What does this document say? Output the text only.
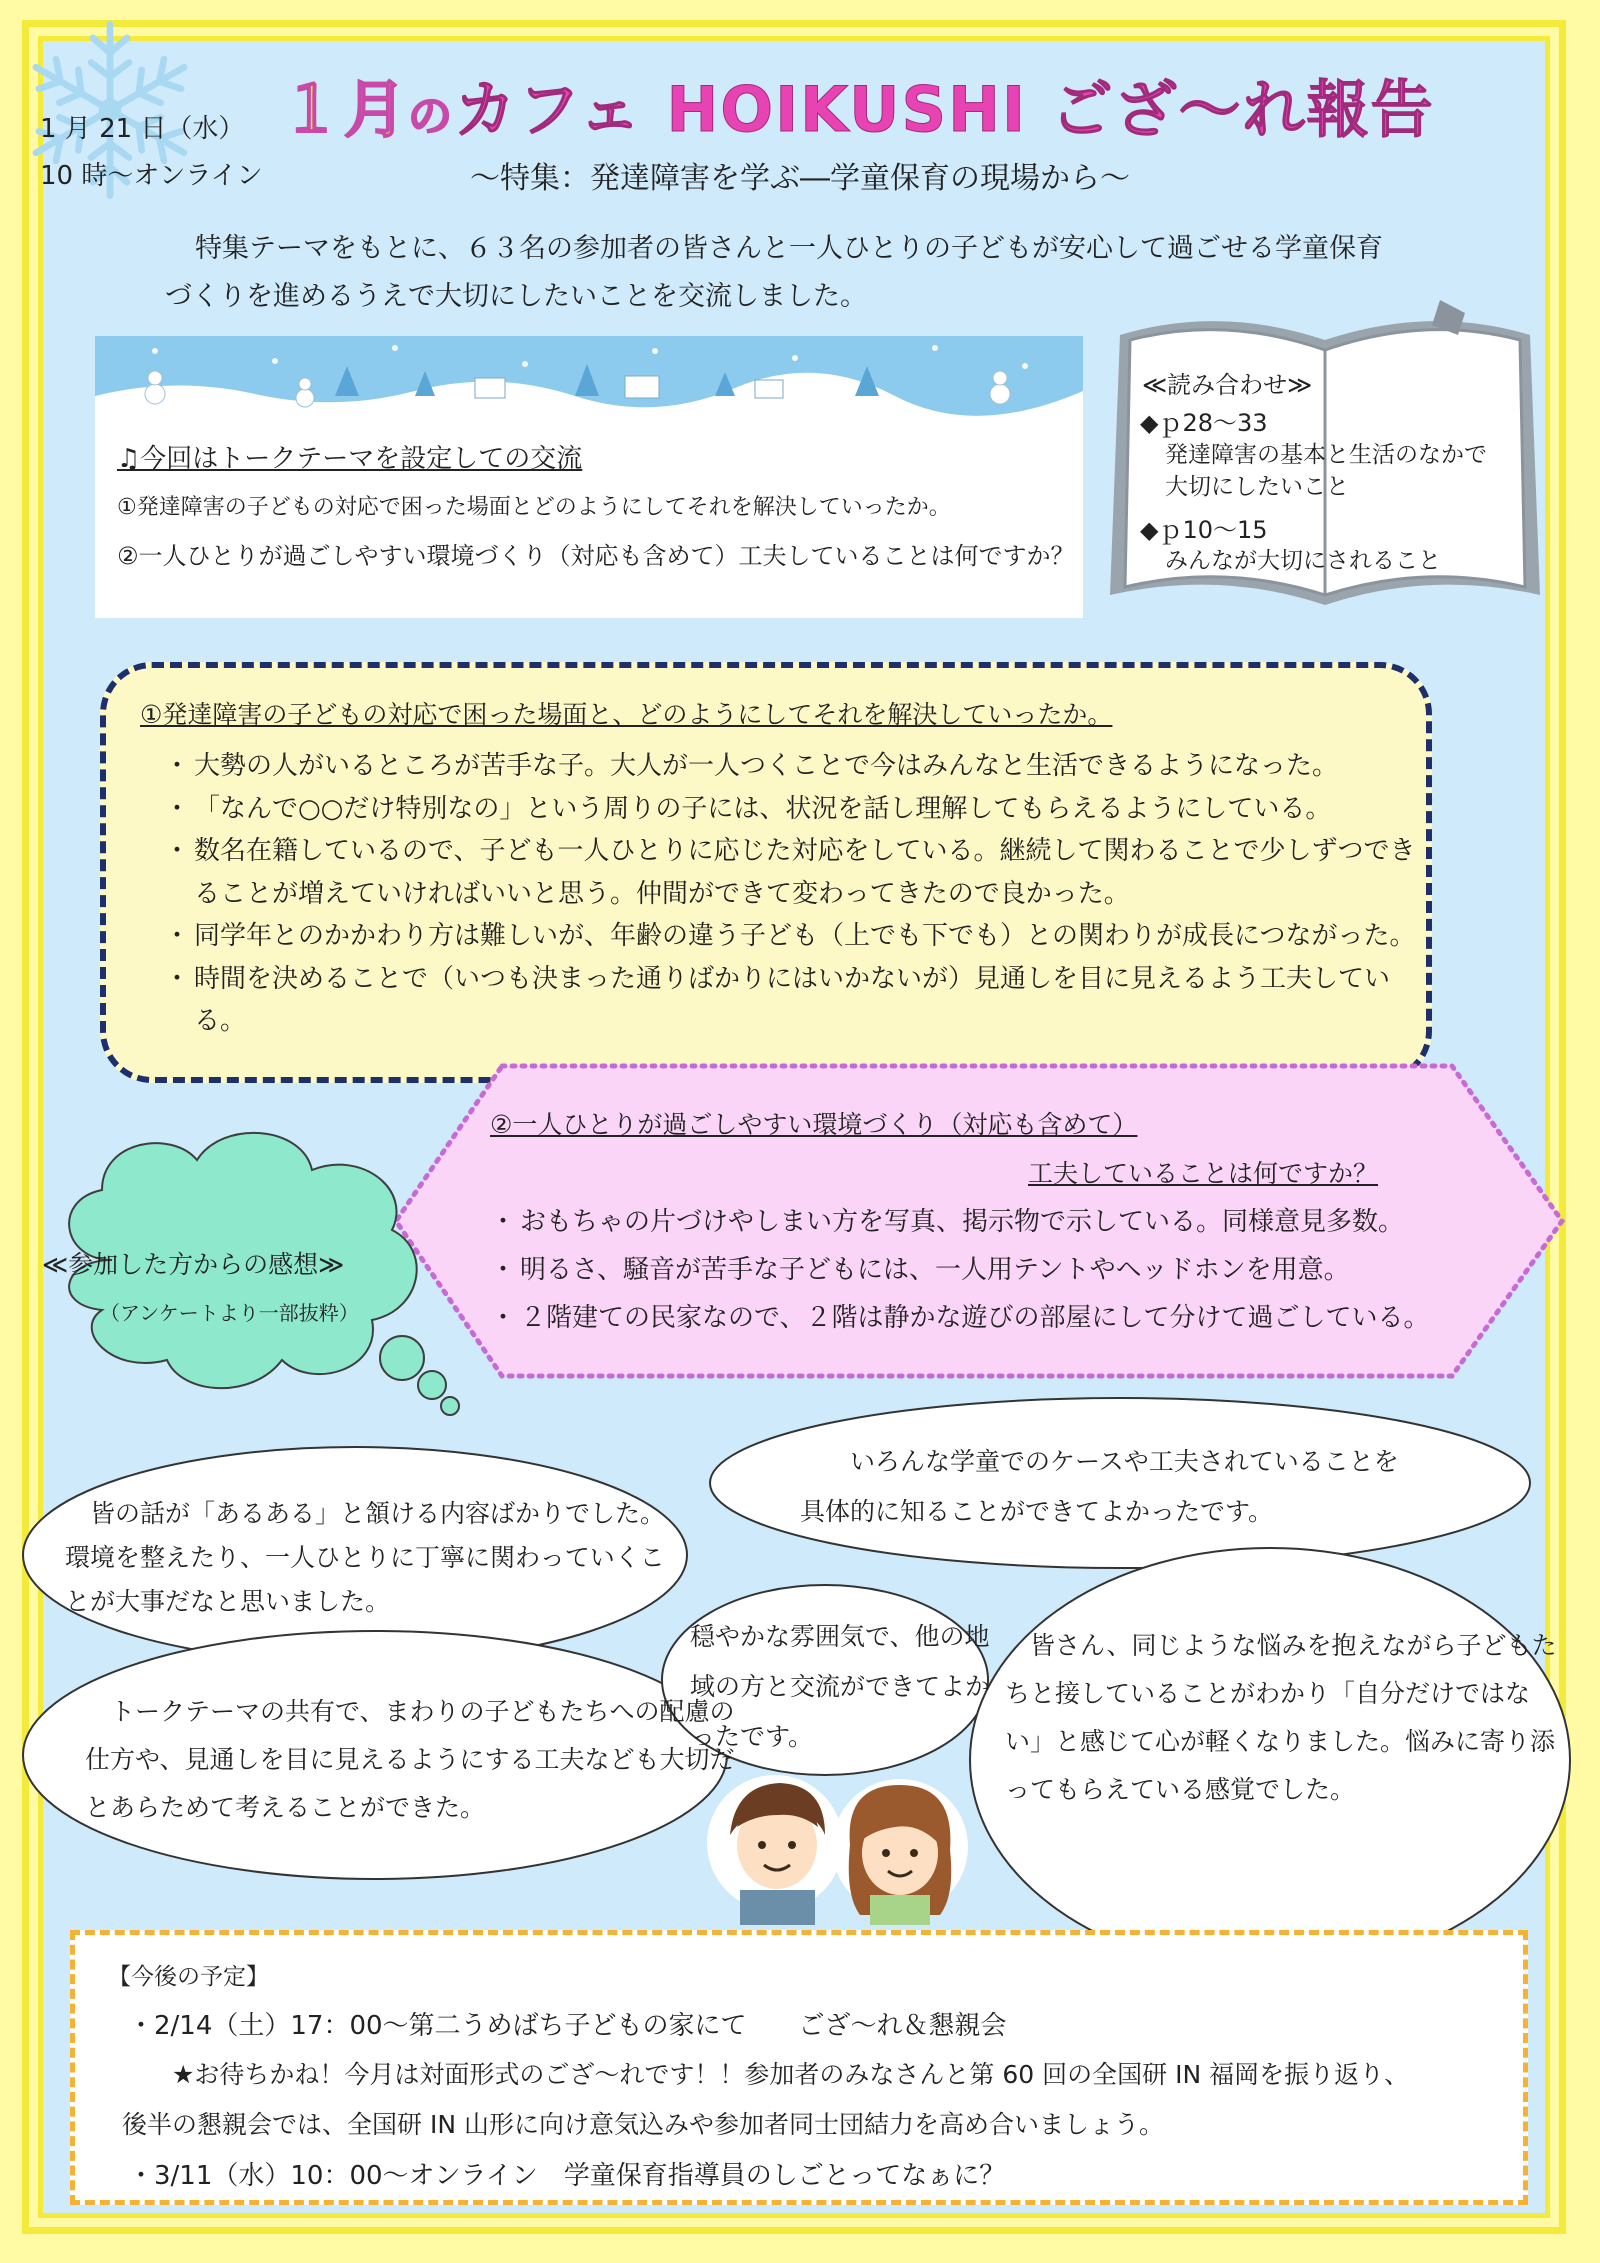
１月のカフェ HOIKUSHI ござ〜れ報告
1 月 21 日（水）
10 時〜オンライン	〜特集：発達障害を学ぶ―学童保育の現場から〜

特集テーマをもとに、６３名の参加者の皆さんと一人ひとりの子どもが安心して過ごせる学童保育

づくりを進めるうえで大切にしたいことを交流しました。

♫今回はトークテーマを設定しての交流
①発達障害の子どもの対応で困った場面とどのようにしてそれを解決していったか。
②一人ひとりが過ごしやすい環境づくり（対応も含めて）工夫していることは何ですか？
≪読み合わせ≫
◆ｐ28〜33
発達障害の基本と生活のなかで
大切にしたいこと
◆ｐ10〜15
みんなが大切にされること
①発達障害の子どもの対応で困った場面と、どのようにしてそれを解決していったか。
・ 大勢の人がいるところが苦手な子。大人が一人つくことで今はみんなと生活できるようになった。
・ 「なんで○○だけ特別なの」という周りの子には、状況を話し理解してもらえるようにしている。
・ 数名在籍しているので、子ども一人ひとりに応じた対応をしている。継続して関わることで少しずつできることが増えていければいいと思う。仲間ができて変わってきたので良かった。
・ 同学年とのかかわり方は難しいが、年齢の違う子ども（上でも下でも）との関わりが成長につながった。
・ 時間を決めることで（いつも決まった通りばかりにはいかないが）見通しを目に見えるよう工夫している。
②一人ひとりが過ごしやすい環境づくり（対応も含めて）
工夫していることは何ですか？
・ おもちゃの片づけやしまい方を写真、掲示物で示している。同様意見多数。
・ 明るさ、騒音が苦手な子どもには、一人用テントやヘッドホンを用意。
・ ２階建ての民家なので、２階は静かな遊びの部屋にして分けて過ごしている。
≪参加した方からの感想≫
（アンケートより一部抜粋）
　皆の話が「あるある」と頷ける内容ばかりでした。環境を整えたり、一人ひとりに丁寧に関わっていくことが大事だなと思いました。
　　いろんな学童でのケースや工夫されていることを具体的に知ることができてよかったです。
穏やかな雰囲気で、他の地域の方と交流ができてよかったです。
　トークテーマの共有で、まわりの子どもたちへの配慮の仕方や、見通しを目に見えるようにする工夫なども大切だとあらためて考えることができた。
　皆さん、同じような悩みを抱えながら子どもたちと接していることがわかり「自分だけではない」と感じて心が軽くなりました。悩みに寄り添ってもらえている感覚でした。
【今後の予定】
・2/14（土）17：00〜第二うめばち子どもの家にて　　ござ〜れ＆懇親会
★お待ちかね！今月は対面形式のござ〜れです！！参加者のみなさんと第 60 回の全国研 IN 福岡を振り返り、
後半の懇親会では、全国研 IN 山形に向け意気込みや参加者同士団結力を高め合いましょう。
・3/11（水）10：00〜オンライン　学童保育指導員のしごとってなぁに？
